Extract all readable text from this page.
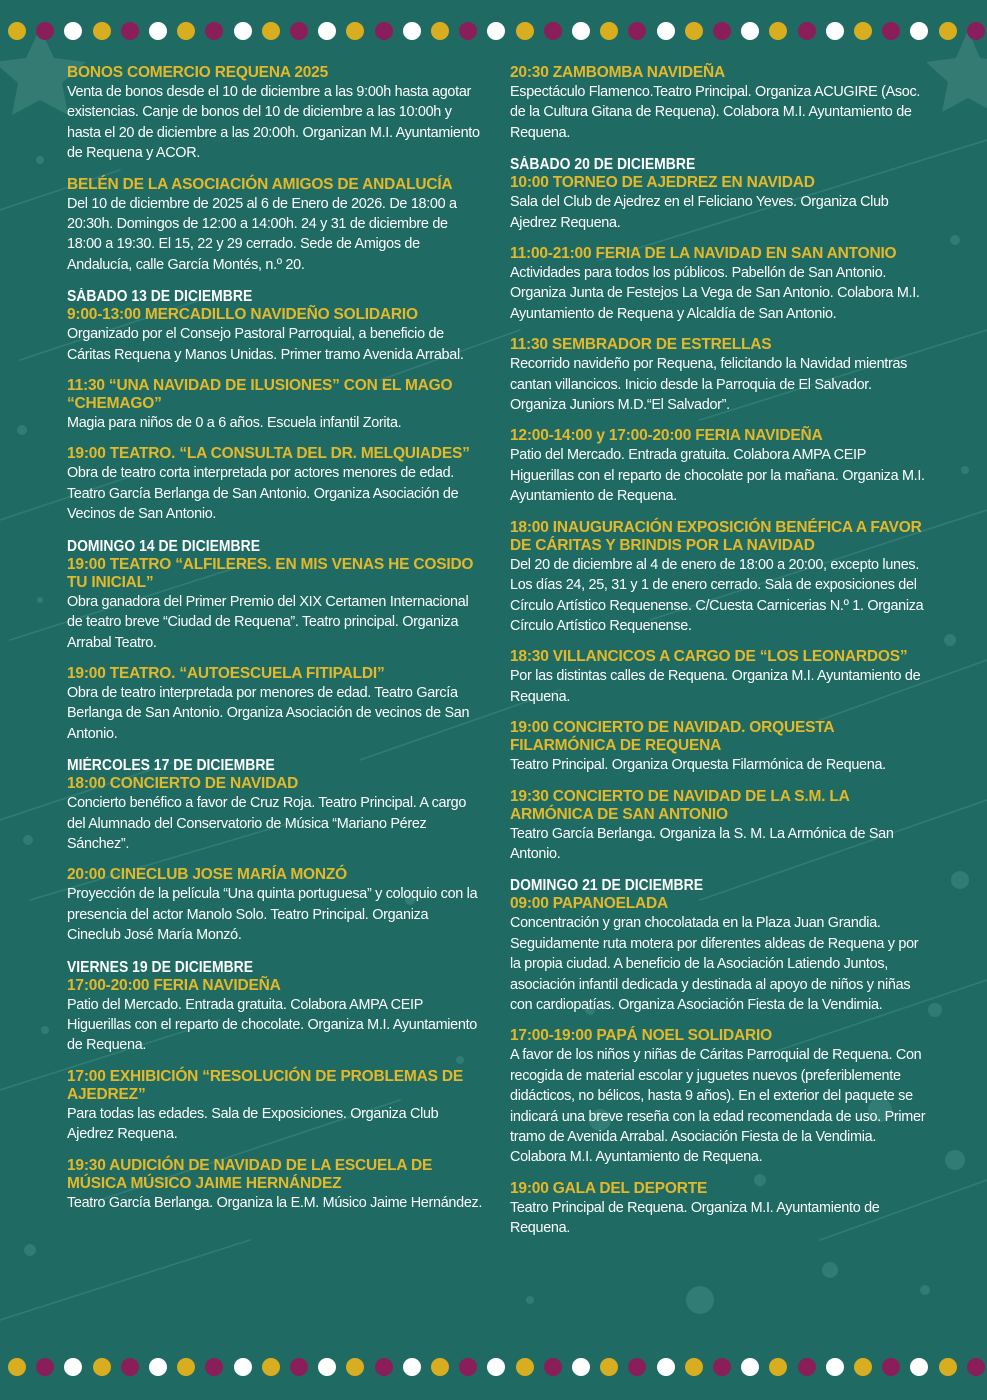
BONOS COMERCIO REQUENA 2025
Venta de bonos desde el 10 de diciembre a las 9:00h hasta agotar existencias. Canje de bonos del 10 de diciembre a las 10:00h y hasta el 20 de diciembre a las 20:00h. Organizan M.I. Ayuntamiento de Requena y ACOR.
BELÉN DE LA ASOCIACIÓN AMIGOS DE ANDALUCÍA
Del 10 de diciembre de 2025 al 6 de Enero de 2026. De 18:00 a 20:30h. Domingos de 12:00 a 14:00h. 24 y 31 de diciembre de 18:00 a 19:30. El 15, 22 y 29 cerrado. Sede de Amigos de Andalucía, calle García Montés, n.º 20.
SÁBADO 13 DE DICIEMBRE
9:00-13:00 MERCADILLO NAVIDEÑO SOLIDARIO
Organizado por el Consejo Pastoral Parroquial, a beneficio de Cáritas Requena y Manos Unidas. Primer tramo Avenida Arrabal.
11:30 “UNA NAVIDAD DE ILUSIONES” CON EL MAGO “CHEMAGO”
Magia para niños de 0 a 6 años. Escuela infantil Zorita.
19:00 TEATRO. “LA CONSULTA DEL DR. MELQUIADES”
Obra de teatro corta interpretada por actores menores de edad. Teatro García Berlanga de San Antonio. Organiza Asociación de Vecinos de San Antonio.
DOMINGO 14 DE DICIEMBRE
19:00 TEATRO “ALFILERES. EN MIS VENAS HE COSIDO TU INICIAL”
Obra ganadora del Primer Premio del XIX Certamen Internacional de teatro breve “Ciudad de Requena”. Teatro principal. Organiza Arrabal Teatro.
19:00 TEATRO. “AUTOESCUELA FITIPALDI”
Obra de teatro interpretada por menores de edad. Teatro García Berlanga de San Antonio. Organiza Asociación de vecinos de San Antonio.
MIÉRCOLES 17 DE DICIEMBRE
18:00 CONCIERTO DE NAVIDAD
Concierto benéfico a favor de Cruz Roja. Teatro Principal. A cargo del Alumnado del Conservatorio de Música “Mariano Pérez Sánchez”.
20:00 CINECLUB JOSE MARÍA MONZÓ
Proyección de la película “Una quinta portuguesa” y coloquio con la presencia del actor Manolo Solo. Teatro Principal. Organiza Cineclub José María Monzó.
VIERNES 19 DE DICIEMBRE
17:00-20:00 FERIA NAVIDEÑA
Patio del Mercado. Entrada gratuita. Colabora AMPA CEIP Higuerillas con el reparto de chocolate. Organiza M.I. Ayuntamiento de Requena.
17:00 EXHIBICIÓN “RESOLUCIÓN DE PROBLEMAS DE AJEDREZ”
Para todas las edades. Sala de Exposiciones. Organiza Club Ajedrez Requena.
19:30 AUDICIÓN DE NAVIDAD DE LA ESCUELA DE MÚSICA MÚSICO JAIME HERNÁNDEZ
Teatro García Berlanga. Organiza la E.M. Músico Jaime Hernández.
20:30 ZAMBOMBA NAVIDEÑA
Espectáculo Flamenco.Teatro Principal. Organiza ACUGIRE (Asoc. de la Cultura Gitana de Requena). Colabora M.I. Ayuntamiento de Requena.
SÁBADO 20 DE DICIEMBRE
10:00 TORNEO DE AJEDREZ EN NAVIDAD
Sala del Club de Ajedrez en el Feliciano Yeves. Organiza Club Ajedrez Requena.
11:00-21:00 FERIA DE LA NAVIDAD EN SAN ANTONIO
Actividades para todos los públicos. Pabellón de San Antonio. Organiza Junta de Festejos La Vega de San Antonio. Colabora M.I. Ayuntamiento de Requena y Alcaldía de San Antonio.
11:30 SEMBRADOR DE ESTRELLAS
Recorrido navideño por Requena, felicitando la Navidad mientras cantan villancicos. Inicio desde la Parroquia de El Salvador. Organiza Juniors M.D.“El Salvador”.
12:00-14:00 y 17:00-20:00 FERIA NAVIDEÑA
Patio del Mercado. Entrada gratuita. Colabora AMPA CEIP Higuerillas con el reparto de chocolate por la mañana. Organiza M.I. Ayuntamiento de Requena.
18:00 INAUGURACIÓN EXPOSICIÓN BENÉFICA A FAVOR DE CÁRITAS Y BRINDIS POR LA NAVIDAD
Del 20 de diciembre al 4 de enero de 18:00 a 20:00, excepto lunes. Los días 24, 25, 31 y 1 de enero cerrado. Sala de exposiciones del Círculo Artístico Requenense. C/Cuesta Carnicerias N.º 1. Organiza Círculo Artístico Requenense.
18:30 VILLANCICOS A CARGO DE “LOS LEONARDOS”
Por las distintas calles de Requena. Organiza M.I. Ayuntamiento de Requena.
19:00 CONCIERTO DE NAVIDAD. ORQUESTA FILARMÓNICA DE REQUENA
Teatro Principal. Organiza Orquesta Filarmónica de Requena.
19:30 CONCIERTO DE NAVIDAD DE LA S.M. LA ARMÓNICA DE SAN ANTONIO
Teatro García Berlanga. Organiza la S. M. La Armónica de San Antonio.
DOMINGO 21 DE DICIEMBRE
09:00 PAPANOELADA
Concentración y gran chocolatada en la Plaza Juan Grandia. Seguidamente ruta motera por diferentes aldeas de Requena y por la propia ciudad. A beneficio de la Asociación Latiendo Juntos, asociación infantil dedicada y destinada al apoyo de niños y niñas con cardiopatías. Organiza Asociación Fiesta de la Vendimia.
17:00-19:00 PAPÁ NOEL SOLIDARIO
A favor de los niños y niñas de Cáritas Parroquial de Requena. Con recogida de material escolar y juguetes nuevos (preferiblemente didácticos, no bélicos, hasta 9 años). En el exterior del paquete se indicará una breve reseña con la edad recomendada de uso. Primer tramo de Avenida Arrabal. Asociación Fiesta de la Vendimia. Colabora M.I. Ayuntamiento de Requena.
19:00 GALA DEL DEPORTE
Teatro Principal de Requena. Organiza M.I. Ayuntamiento de Requena.
